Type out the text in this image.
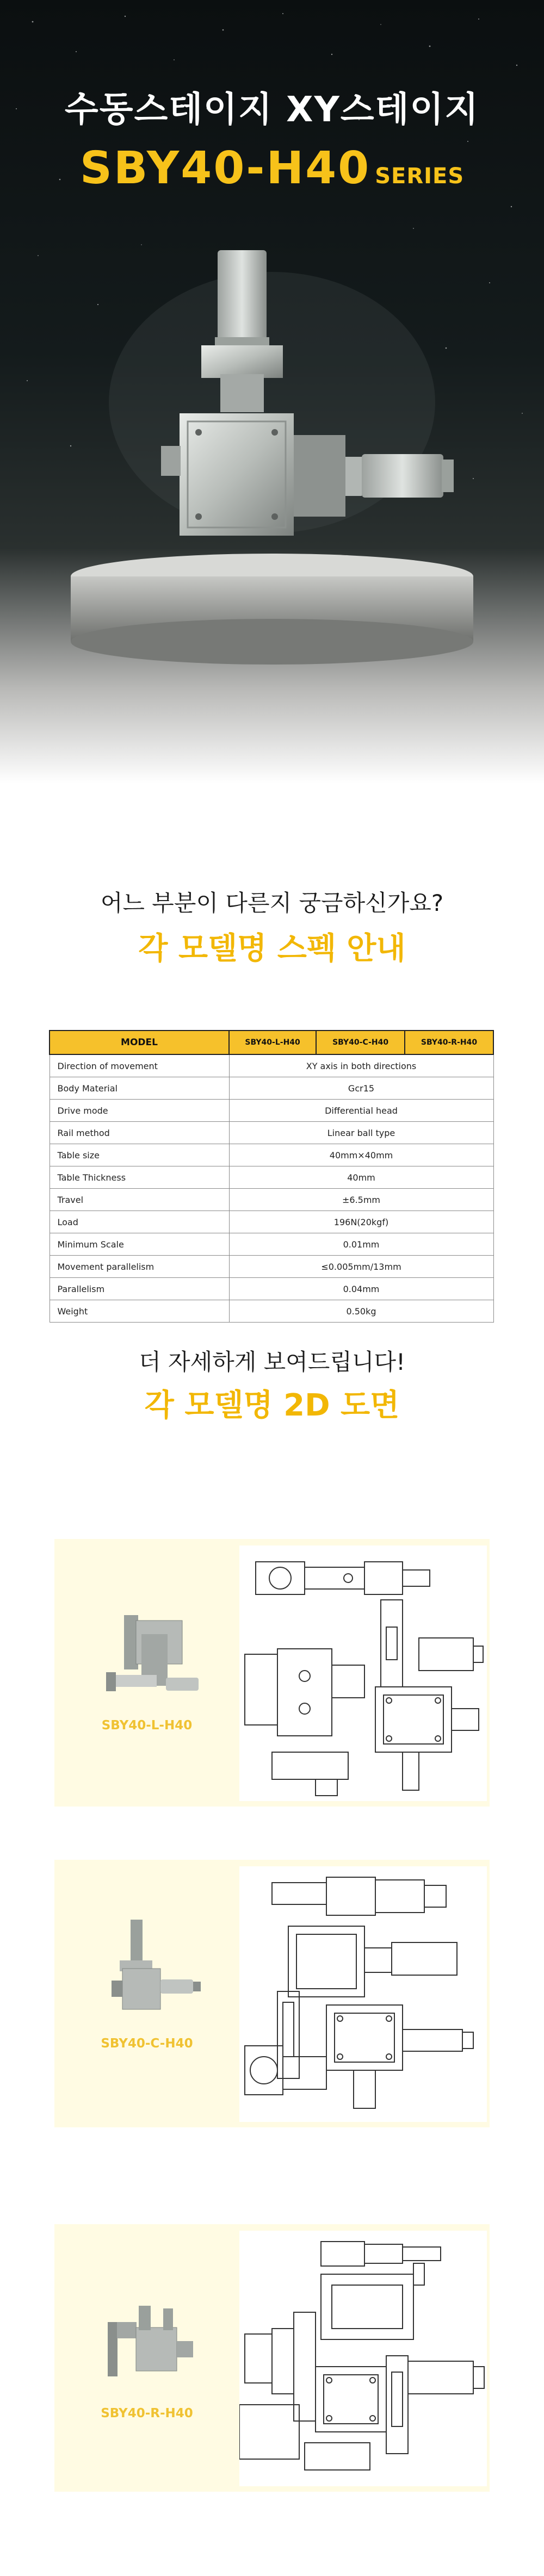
수동스테이지 XY스테이지
SBY40-H40 SERIES
어느 부분이 다른지 궁금하신가요?
각 모델명 스펙 안내
MODEL	SBY40-L-H40	SBY40-C-H40	SBY40-R-H40
Direction of movement	XY axis in both directions		
Body Material	Gcr15		
Drive mode	Differential head		
Rail method	Linear ball type		
Table size	40mm×40mm		
Table Thickness	40mm		
Travel	±6.5mm		
Load	196N(20kgf)		
Minimum Scale	0.01mm		
Movement parallelism	≤0.005mm/13mm		
Parallelism	0.04mm		
Weight	0.50kg		
더 자세하게 보여드립니다!
각 모델명 2D 도면
SBY40-L-H40
SBY40-C-H40
SBY40-R-H40
